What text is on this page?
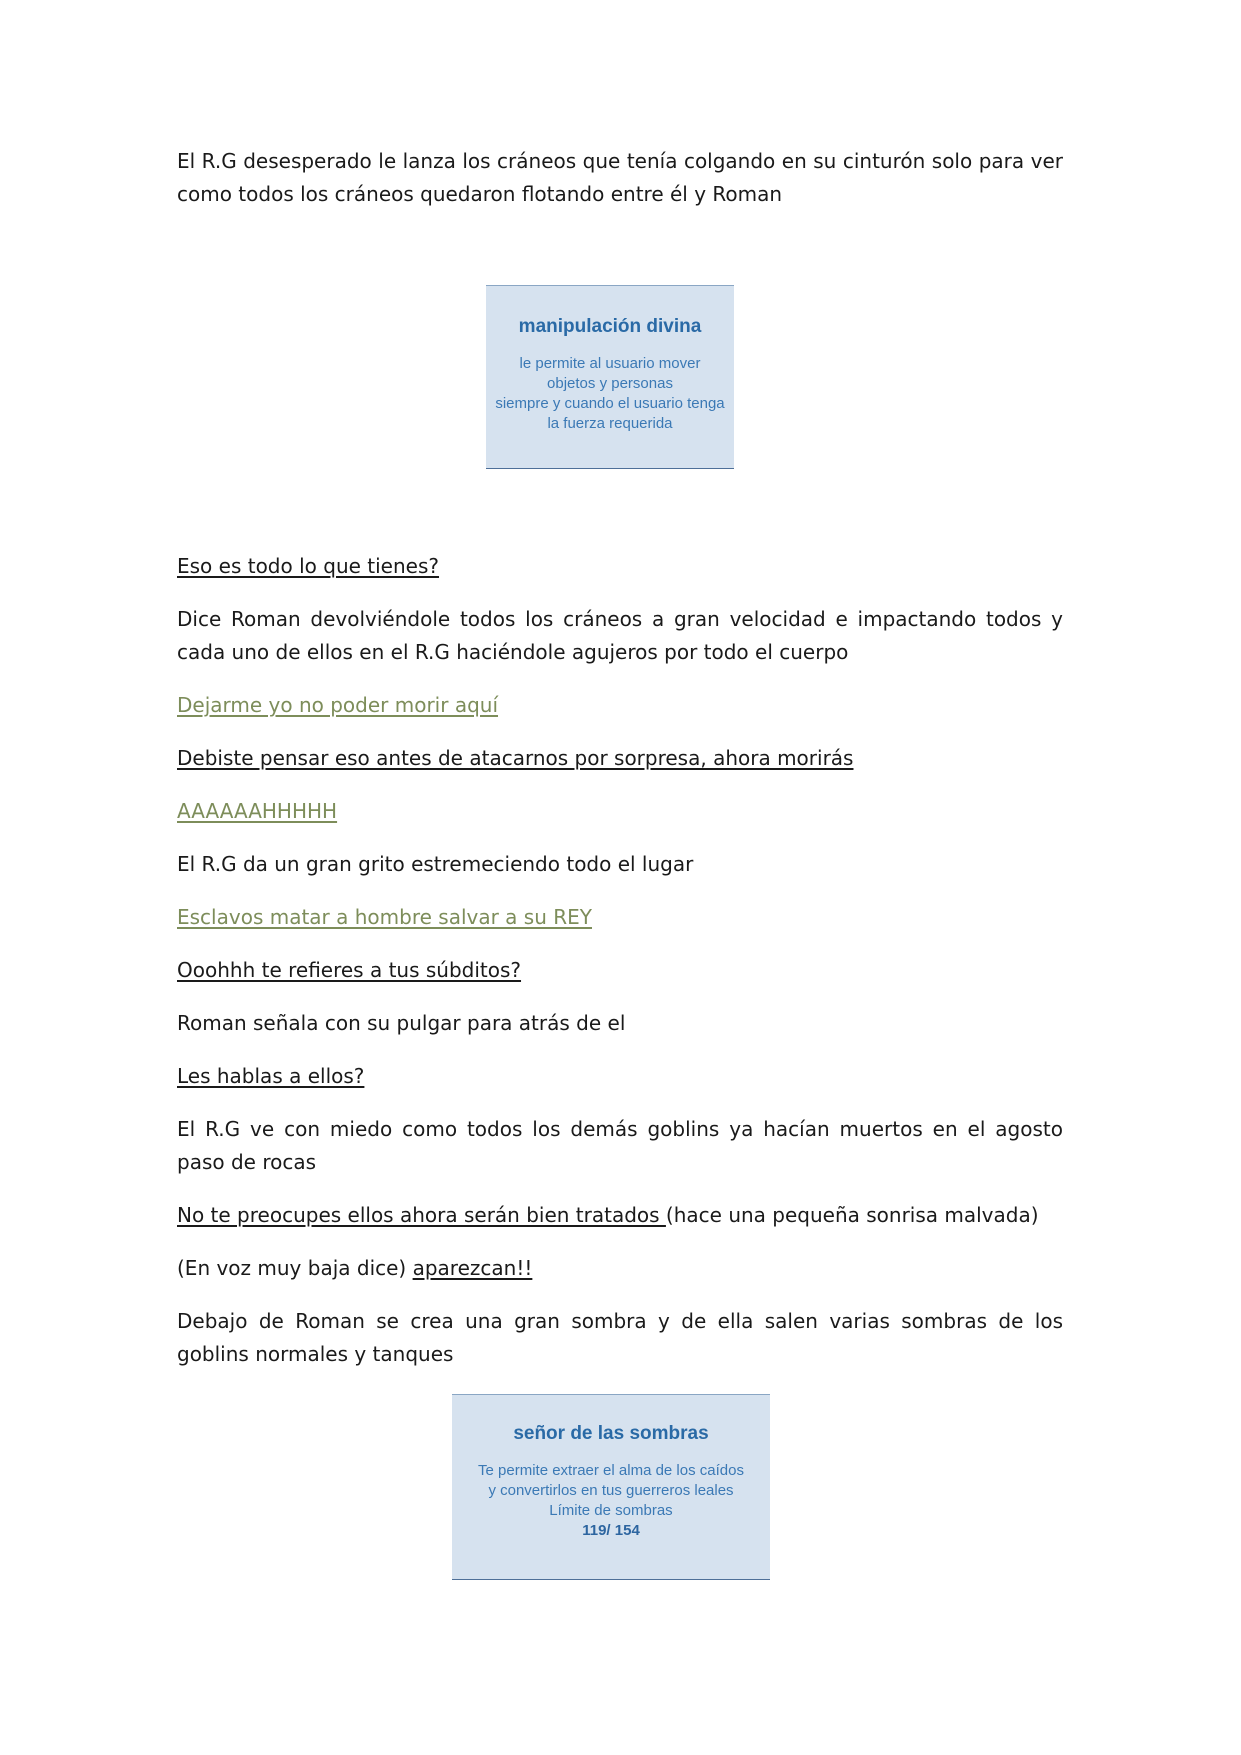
El R.G desesperado le lanza los cráneos que tenía colgando en su cinturón solo para ver como todos los cráneos quedaron flotando entre él y Roman

manipulación divina
le permite al usuario mover
objetos y personas
siempre y cuando el usuario tenga
la fuerza requerida

Eso es todo lo que tienes?

Dice Roman devolviéndole todos los cráneos a gran velocidad e impactando todos y cada uno de ellos en el R.G haciéndole agujeros por todo el cuerpo

Dejarme yo no poder morir aquí

Debiste pensar eso antes de atacarnos por sorpresa, ahora morirás

AAAAAAHHHHH

El R.G da un gran grito estremeciendo todo el lugar

Esclavos matar a hombre salvar a su REY

Ooohhh te refieres a tus súbditos?

Roman señala con su pulgar para atrás de el

Les hablas a ellos?

El R.G ve con miedo como todos los demás goblins ya hacían muertos en el agosto paso de rocas

No te preocupes ellos ahora serán bien tratados (hace una pequeña sonrisa malvada)

(En voz muy baja dice) aparezcan!!

Debajo de Roman se crea una gran sombra y de ella salen varias sombras de los goblins normales y tanques

señor de las sombras
Te permite extraer el alma de los caídos
y convertirlos en tus guerreros leales
Límite de sombras
119/ 154
